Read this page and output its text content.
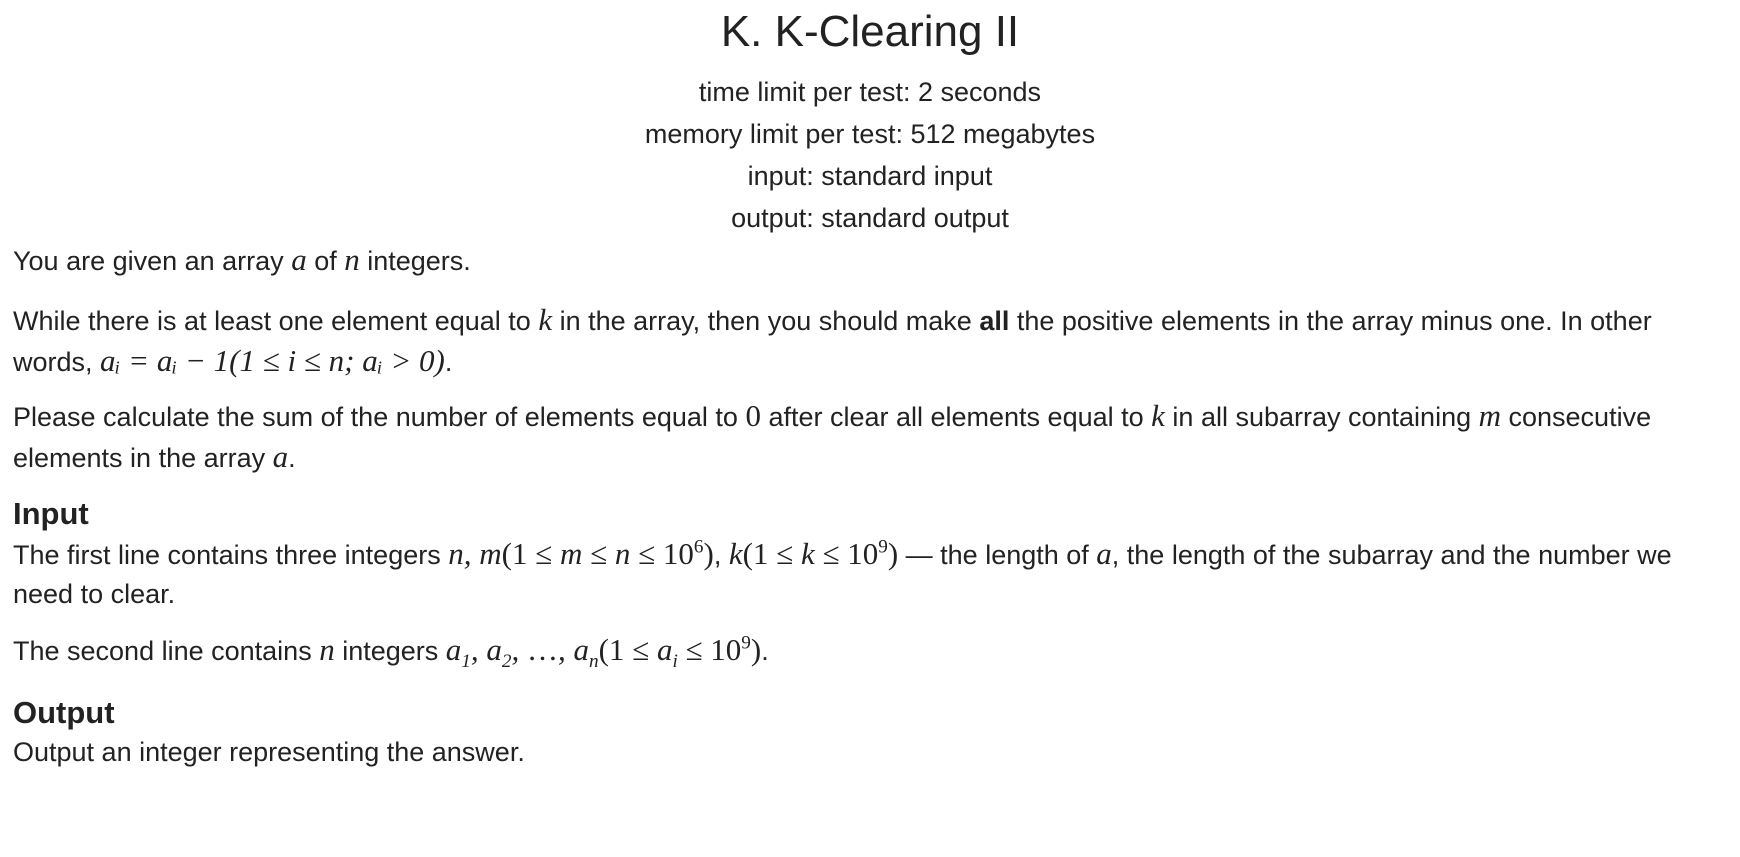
K. K-Clearing II
time limit per test: 2 seconds
memory limit per test: 512 megabytes
input: standard input
output: standard output

You are given an array a of n integers.

While there is at least one element equal to k in the array, then you should make all the positive elements in the array minus one. In other words, aᵢ = aᵢ − 1(1 ≤ i ≤ n; aᵢ > 0).

Please calculate the sum of the number of elements equal to 0 after clear all elements equal to k in all subarray containing m consecutive elements in the array a.

Input

The first line contains three integers n, $m(1 \le m \le n \le 10^6)$, $k(1 \le k \le 10^9)$ — the length of a, the length of the subarray and the number we need to clear.

The second line contains n integers $a_1$, $a_2$, …, $a_n(1 \le a_i \le 10^9)$.

Output

Output an integer representing the answer.
